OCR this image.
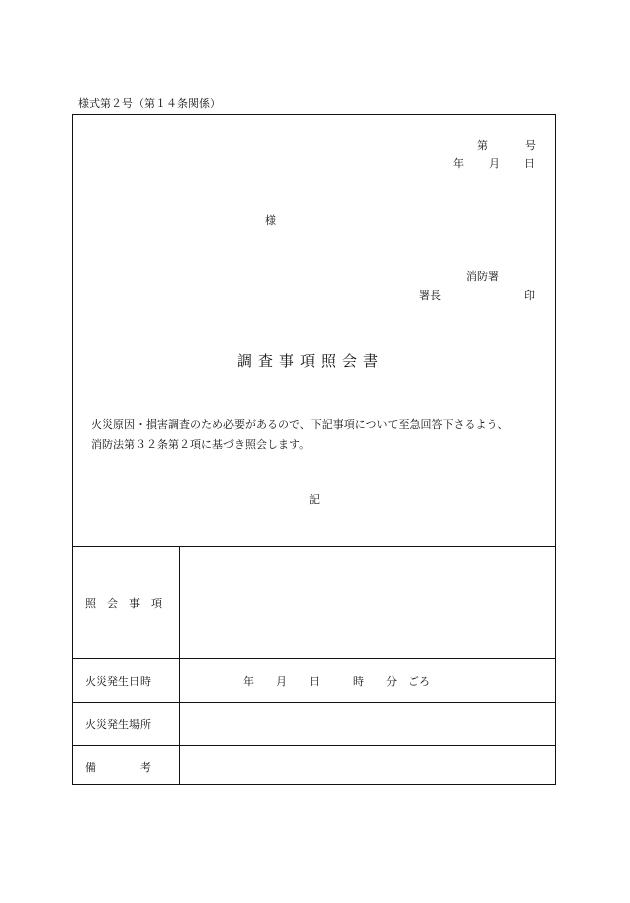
様式第２号（第１４条関係）
第	号
年 月 日
様
消防署
署長	印
調査事項照会書
火災原因・損害調査のため必要があるので、下記事項について至急回答下さるよう、
消防法第３２条第２項に基づき照会します。
記
照　会　事　項
火災発生日時
火災発生場所
備　　　　考
年　　月　　日　　　時　　分　ごろ
